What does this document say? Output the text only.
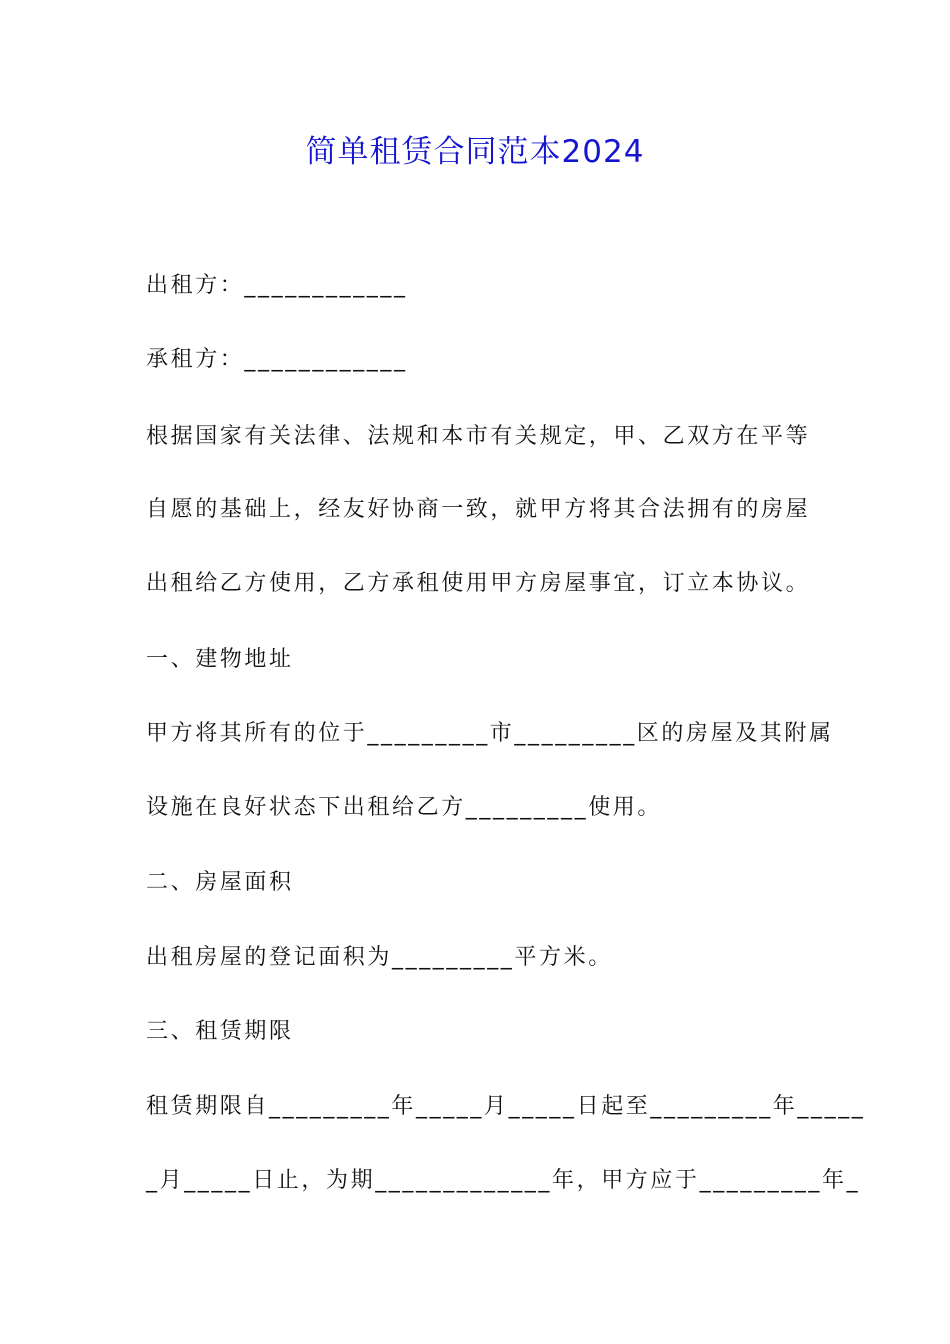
简单租赁合同范本2024
出租方：____________
承租方：____________
根据国家有关法律、法规和本市有关规定，甲、乙双方在平等
自愿的基础上，经友好协商一致，就甲方将其合法拥有的房屋
出租给乙方使用，乙方承租使用甲方房屋事宜，订立本协议。
一、建物地址
甲方将其所有的位于_________市_________区的房屋及其附属
设施在良好状态下出租给乙方_________使用。
二、房屋面积
出租房屋的登记面积为_________平方米。
三、租赁期限
租赁期限自_________年_____月_____日起至_________年_____
_月_____日止，为期_____________年，甲方应于_________年_
